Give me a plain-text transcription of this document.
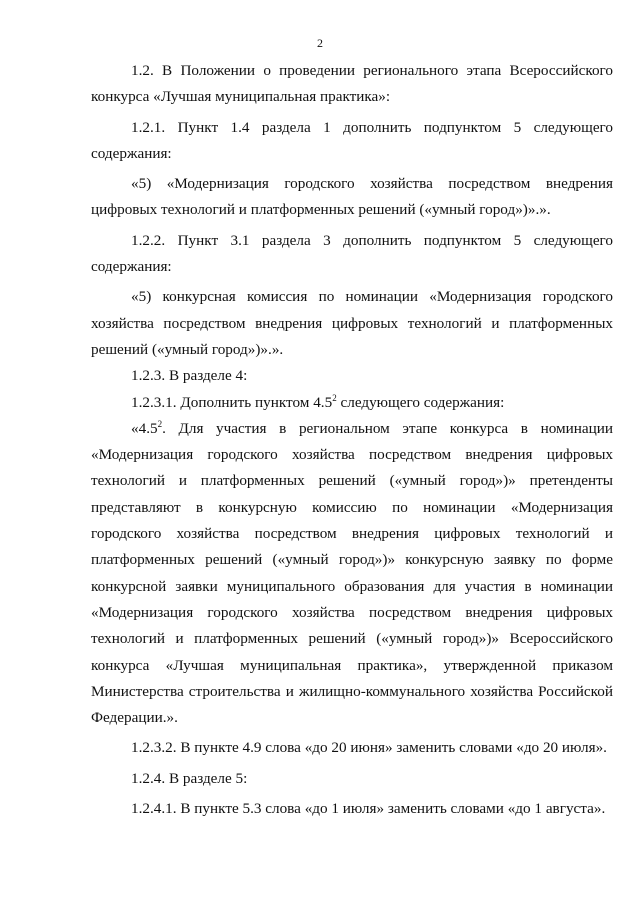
2

1.2. В Положении о проведении регионального этапа Всероссийского конкурса «Лучшая муниципальная практика»:

1.2.1. Пункт 1.4 раздела 1 дополнить подпунктом 5 следующего содержания:

«5) «Модернизация городского хозяйства посредством внедрения цифровых технологий и платформенных решений («умный город»)».».

1.2.2. Пункт 3.1 раздела 3 дополнить подпунктом 5 следующего содержания:

«5) конкурсная комиссия по номинации «Модернизация городского хозяйства посредством внедрения цифровых технологий и платформенных решений («умный город»)».».

1.2.3. В разделе 4:

1.2.3.1. Дополнить пунктом $4.5^2$ следующего содержания:

«$4.5^2$. Для участия в региональном этапе конкурса в номинации «Модернизация городского хозяйства посредством внедрения цифровых технологий и платформенных решений («умный город»)» претенденты представляют в конкурсную комиссию по номинации «Модернизация городского хозяйства посредством внедрения цифровых технологий и платформенных решений («умный город»)» конкурсную заявку по форме конкурсной заявки муниципального образования для участия в номинации «Модернизация городского хозяйства посредством внедрения цифровых технологий и платформенных решений («умный город»)» Всероссийского конкурса «Лучшая муниципальная практика», утвержденной приказом Министерства строительства и жилищно-коммунального хозяйства Российской Федерации.».

1.2.3.2. В пункте 4.9 слова «до 20 июня» заменить словами «до 20 июля».

1.2.4. В разделе 5:

1.2.4.1. В пункте 5.3 слова «до 1 июля» заменить словами «до 1 августа».
